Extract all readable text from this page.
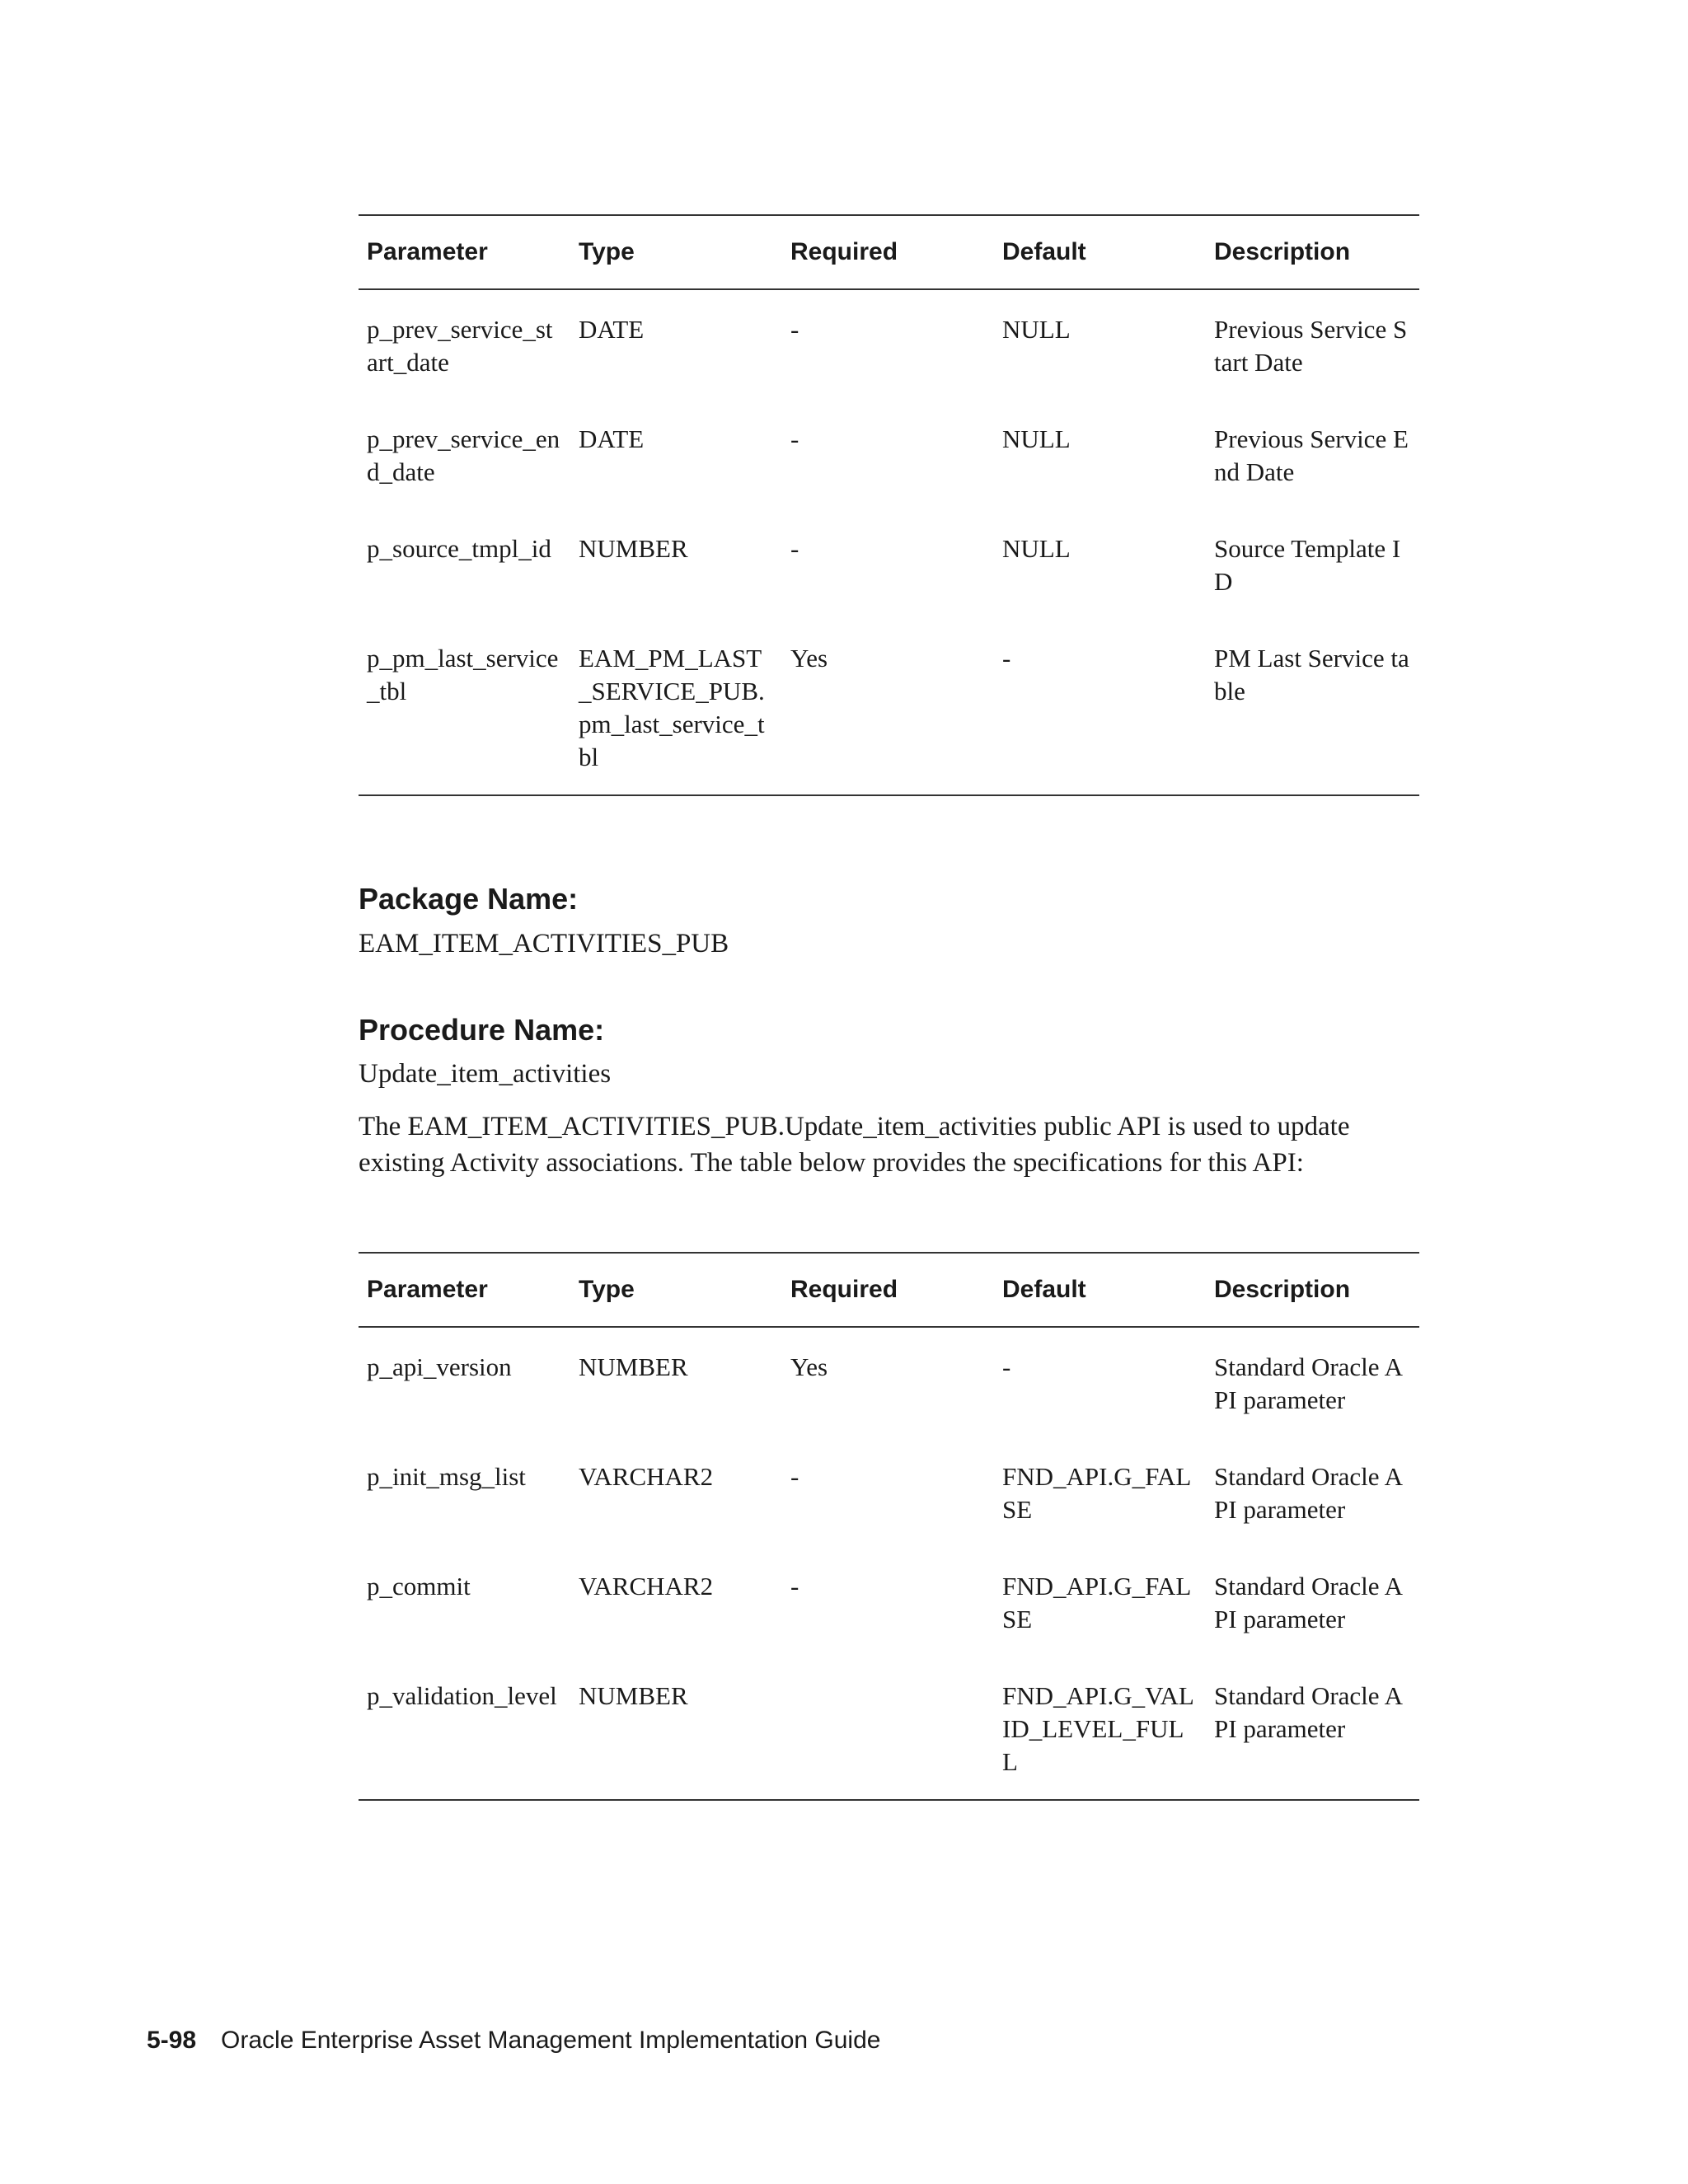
Parameter	Type	Required	Default	Description
p_prev_service_start_date	DATE	-	NULL	Previous Service Start Date
p_prev_service_end_date	DATE	-	NULL	Previous Service End Date
p_source_tmpl_id	NUMBER	-	NULL	Source Template ID
p_pm_last_service_tbl	EAM_PM_LAST_SERVICE_PUB.pm_last_service_tbl	Yes	-	PM Last Service table
Package Name:

EAM_ITEM_ACTIVITIES_PUB

Procedure Name:

Update_item_activities

The EAM_ITEM_ACTIVITIES_PUB.Update_item_activities public API is used to update existing Activity associations. The table below provides the specifications for this API:

Parameter	Type	Required	Default	Description
p_api_version	NUMBER	Yes	-	Standard Oracle API parameter
p_init_msg_list	VARCHAR2	-	FND_API.G_FALSE	Standard Oracle API parameter
p_commit	VARCHAR2	-	FND_API.G_FALSE	Standard Oracle API parameter
p_validation_level	NUMBER		FND_API.G_VALID_LEVEL_FULL	Standard Oracle API parameter
5-98 Oracle Enterprise Asset Management Implementation Guide
